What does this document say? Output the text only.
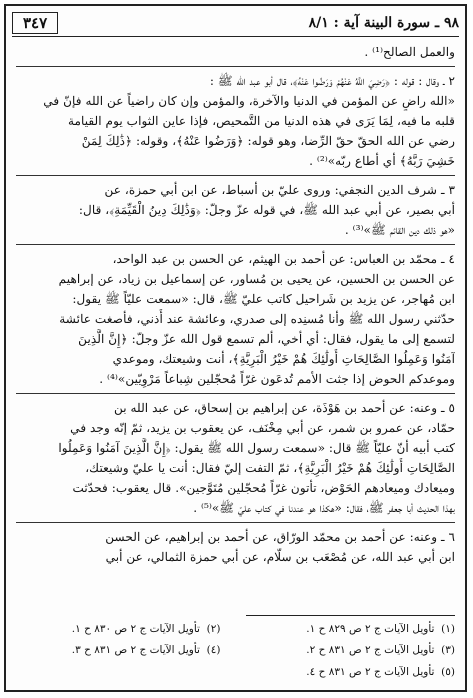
٩٨ ـ سورة البينة آية : ٨/١
٣٤٧

والعمل الصالح⁽¹⁾ .

٢ ـ وقال : قوله : ﴿رَضِيَ اللَّهُ عَنْهُمْ وَرَضُوا عَنْهُ﴾، قال أبو عبد الله ﷺ :

«الله راضٍ عن المؤمن في الدنيا والآخرة، والمؤمن وإن كان راضياً عن الله فإنّ في

قلبه ما فيه، لِمَا يَرَى في هذه الدنيا من التَّمحيص، فإذا عاين الثواب يوم القيامة

رضي عن الله الحقّ حقّ الرِّضا، وهو قوله: ﴿وَرَضُوا عَنْهُ﴾، وقوله: ﴿ذَٰلِكَ لِمَنْ

خَشِيَ رَبَّهُ﴾ أي أطاع ربّه»⁽²⁾ .

٣ ـ شرف الدين النجفي: وروى عليّ بن أسباط، عن ابن أبي حمزة، عن

أبي بصير، عن أبي عبد الله ﷺ، في قوله عزّ وجلّ: ﴿وَذَٰلِكَ دِينُ الْقَيِّمَةِ﴾، قال:

«هو ذلك دين القائم ﷺ»⁽³⁾ .

٤ ـ محمّد بن العباس: عن أحمد بن الهيثم، عن الحسن بن عبد الواحد،

عن الحسن بن الحسين، عن يحيى بن مُساور، عن إسماعيل بن زياد، عن إبراهيم

ابن مُهاجر، عن يزيد بن شَراحيل كاتب عليّ ﷺ، قال: «سمعت عليّاً ﷺ يقول:

حدّثني رسول الله ﷺ وأنا مُسنِده إلى صدري، وعائشة عند أُذني، فأصغت عائشة

لتسمع إلى ما يقول، فقال: أي أخي، ألم تسمع قول الله عزّ وجلّ: ﴿إِنَّ الَّذِينَ

آمَنُوا وَعَمِلُوا الصَّالِحَاتِ أُولَٰئِكَ هُمْ خَيْرُ الْبَرِيَّةِ﴾، أنت وشيعتك، وموعدي

وموعدكم الحوض إذا جثت الأمم تُدعَون غرّاً مُحجّلين شِباعاً مَرْوِيّين»⁽⁴⁾ .

٥ ـ وعنه: عن أحمد بن هَوْذَة، عن إبراهيم بن إسحاق، عن عبد الله بن

حمّاد، عن عمرو بن شمر، عن أبي مِخْنَف، عن يعقوب بن يزيد، ثمّ إنّه وجد في

كتب أبيه أنّ عليّاً ﷺ قال: «سمعت رسول الله ﷺ يقول: ﴿إِنَّ الَّذِينَ آمَنُوا وَعَمِلُوا

الصَّالِحَاتِ أُولَٰئِكَ هُمْ خَيْرُ الْبَرِيَّةِ﴾، ثمّ التفت إليّ فقال: أنت يا عليّ وشيعتك،

وميعادك وميعادهم الحَوْض، تأتون غرّاً مُحجّلين مُتَوَّجين». قال يعقوب: فحدّثت

بهذا الحديث أبا جعفر ﷺ، فقال: «هكذا هو عندنا في كتاب عليّ ﷺ»⁽⁵⁾ .

٦ ـ وعنه: عن أحمد بن محمّد الورّاق، عن أحمد بن إبراهيم، عن الحسن

ابن أبي عبد الله، عن مُصْعَب بن سلّام، عن أبي حمزة الثمالي، عن أبي

(١)  تأويل الآيات ج ٢ ص ٨٢٩ ح ١.
(٢)  تأويل الآيات ج ٢ ص ٨٣٠ ح ١.
(٣)  تأويل الآيات ج ٢ ص ٨٣١ ح ٢.
(٤)  تأويل الآيات ج ٢ ص ٨٣١ ح ٣.
(٥)  تأويل الآيات ج ٢ ص ٨٣١ ح ٤.
